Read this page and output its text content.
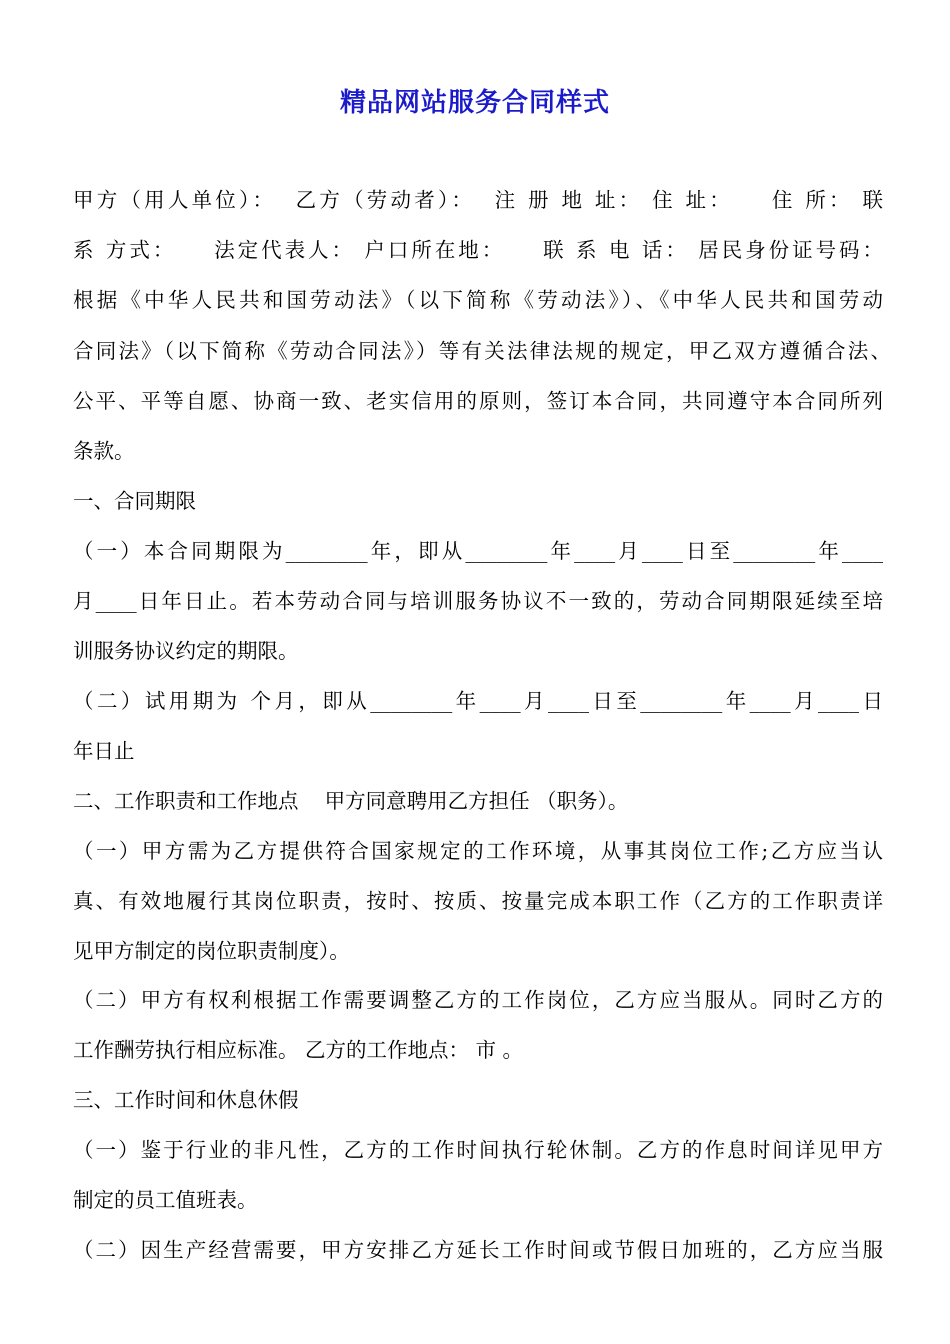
精品网站服务合同样式
甲方（用人单位）：  乙方（劳动者）：  注 册 地 址： 住 址：    住 所： 联
系 方式：    法定代表人： 户口所在地：    联 系 电 话： 居民身份证号码：
根据《中华人民共和国劳动法》（以下简称《劳动法》）、《中华人民共和国劳动
合同法》（以下简称《劳动合同法》）等有关法律法规的规定，甲乙双方遵循合法、
公平、平等自愿、协商一致、老实信用的原则，签订本合同，共同遵守本合同所列
条款。
一、合同期限
（一）本合同期限为________年，即从________年____月____日至________年____
月____日年日止。若本劳动合同与培训服务协议不一致的，劳动合同期限延续至培
训服务协议约定的期限。
（二）试用期为 个月，即从________年____月____日至________年____月____日
年日止
二、工作职责和工作地点    甲方同意聘用乙方担任 （职务）。
（一）甲方需为乙方提供符合国家规定的工作环境，从事其岗位工作;乙方应当认
真、有效地履行其岗位职责，按时、按质、按量完成本职工作（乙方的工作职责详
见甲方制定的岗位职责制度）。
（二）甲方有权利根据工作需要调整乙方的工作岗位，乙方应当服从。同时乙方的
工作酬劳执行相应标准。 乙方的工作地点： 市 。
三、工作时间和休息休假
（一）鉴于行业的非凡性，乙方的工作时间执行轮休制。乙方的作息时间详见甲方
制定的员工值班表。
（二）因生产经营需要，甲方安排乙方延长工作时间或节假日加班的，乙方应当服
